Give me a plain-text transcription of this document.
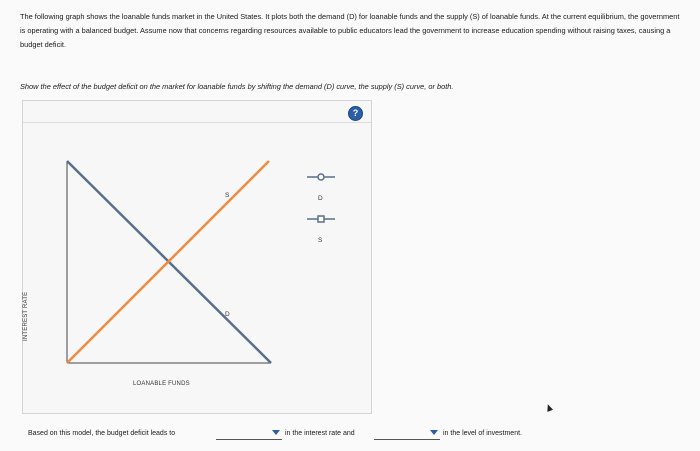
The following graph shows the loanable funds market in the United States. It plots both the demand (D) for loanable funds and the supply (S) of loanable funds. At the current equilibrium, the government is operating with a balanced budget. Assume now that concerns regarding resources available to public educators lead the government to increase education spending without raising taxes, causing a budget deficit.
Show the effect of the budget deficit on the market for loanable funds by shifting the demand (D) curve, the supply (S) curve, or both.
?
S
D
D
S
INTEREST RATE
LOANABLE FUNDS
Based on this model, the budget deficit leads to	in the interest rate and	in the level of investment.
